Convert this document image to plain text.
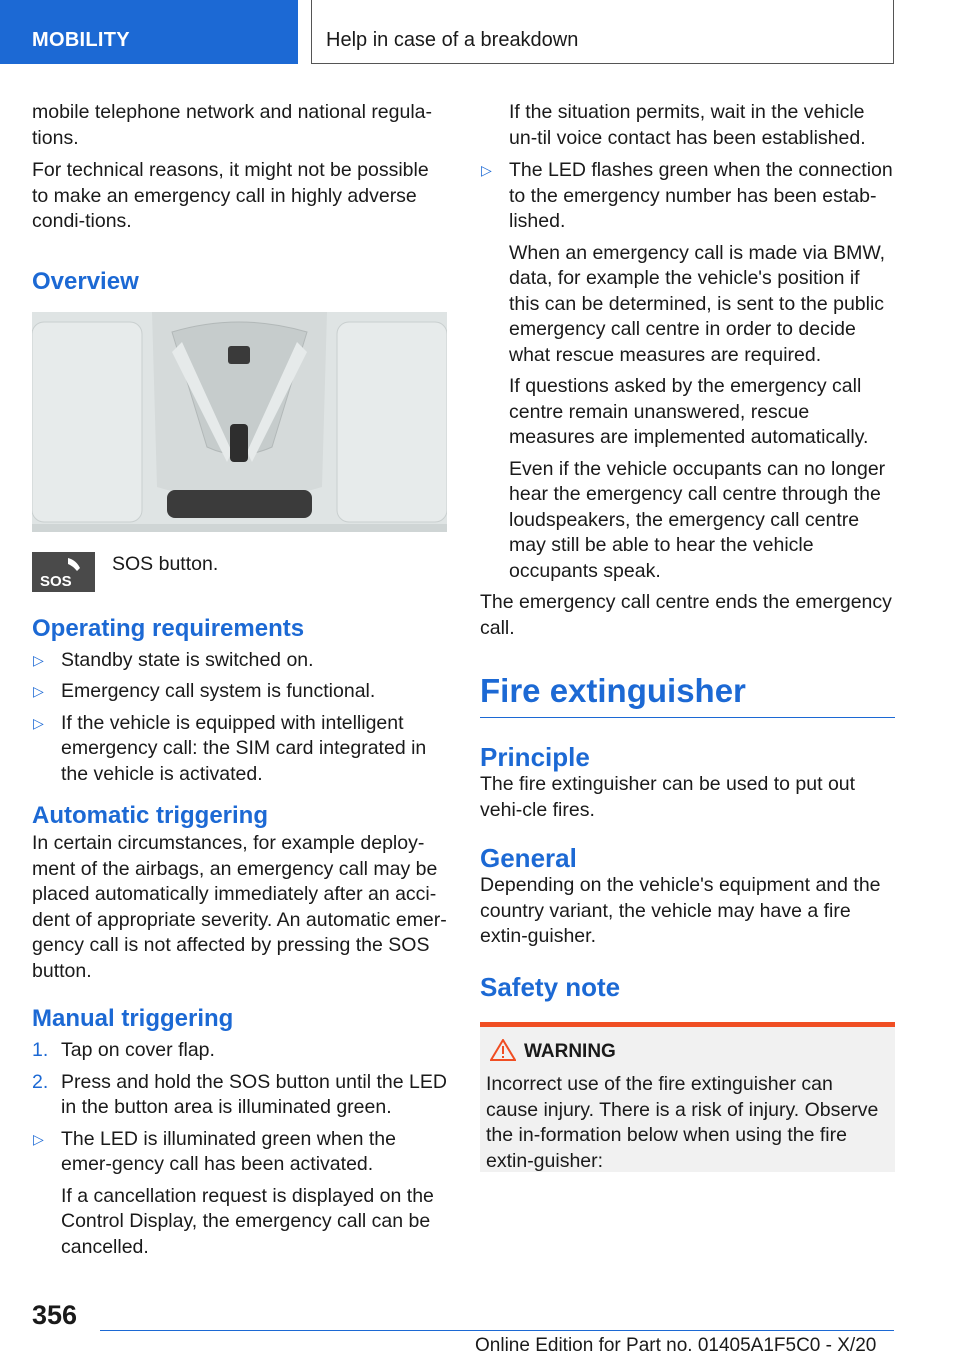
MOBILITY	Help in case of a breakdown

mobile telephone network and national regula-tions.

For technical reasons, it might not be possible to make an emergency call in highly adverse condi-tions.

Overview
SOS
SOS button.
Operating requirements
▷ Standby state is switched on.
▷ Emergency call system is functional.
▷ If the vehicle is equipped with intelligent emergency call: the SIM card integrated in the vehicle is activated.
Automatic triggering

In certain circumstances, for example deploy-ment of the airbags, an emergency call may be placed automatically immediately after an acci-dent of appropriate severity. An automatic emer-gency call is not affected by pressing the SOS button.

Manual triggering
1. Tap on cover flap.
2. Press and hold the SOS button until the LED in the button area is illuminated green.
▷ The LED is illuminated green when the emer-gency call has been activated.
If a cancellation request is displayed on the Control Display, the emergency call can be cancelled.
If the situation permits, wait in the vehicle un-til voice contact has been established.
▷ The LED flashes green when the connection to the emergency number has been estab-lished.
When an emergency call is made via BMW, data, for example the vehicle's position if this can be determined, is sent to the public emergency call centre in order to decide what rescue measures are required.
If questions asked by the emergency call centre remain unanswered, rescue measures are implemented automatically.
Even if the vehicle occupants can no longer hear the emergency call centre through the loudspeakers, the emergency call centre may still be able to hear the vehicle occupants speak.

The emergency call centre ends the emergency call.

Fire extinguisher
Principle

The fire extinguisher can be used to put out vehi-cle fires.

General

Depending on the vehicle's equipment and the country variant, the vehicle may have a fire extin-guisher.

Safety note
WARNING
Incorrect use of the fire extinguisher can cause injury. There is a risk of injury. Observe the in-formation below when using the fire extin-guisher:
356
Online Edition for Part no. 01405A1F5C0 - X/20
